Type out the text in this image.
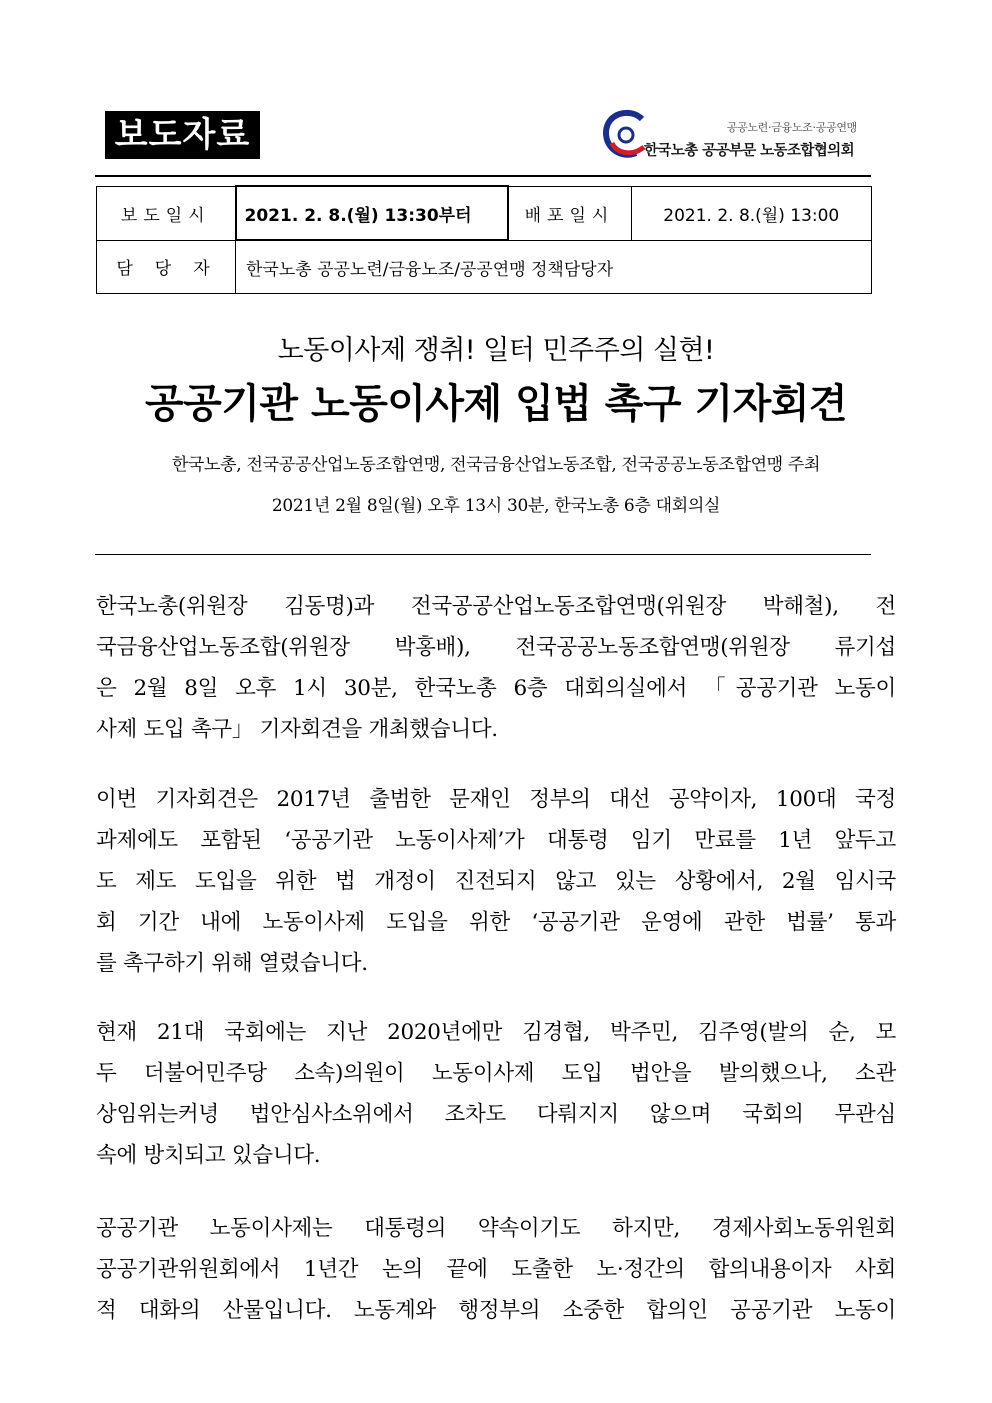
보도자료	공공노련·금융노조·공공연맹
한국노총 공공부문 노동조합협의회
보도일시	2021. 2. 8.(월) 13:30부터	배포일시	2021. 2. 8.(월) 13:00
담당자	한국노총 공공노련/금융노조/공공연맹 정책담당자		
노동이사제 쟁취! 일터 민주주의 실현!
공공기관 노동이사제 입법 촉구 기자회견
한국노총, 전국공공산업노동조합연맹, 전국금융산업노동조합, 전국공공노동조합연맹 주최
2021년 2월 8일(월) 오후 13시 30분, 한국노총 6층 대회의실
한국노총(위원장 김동명)과 전국공공산업노동조합연맹(위원장 박해철), 전
국금융산업노동조합(위원장 박홍배), 전국공공노동조합연맹(위원장 류기섭
은 2월 8일 오후 1시 30분, 한국노총 6층 대회의실에서 「공공기관 노동이
사제 도입 촉구」 기자회견을 개최했습니다.
이번 기자회견은 2017년 출범한 문재인 정부의 대선 공약이자, 100대 국정
과제에도 포함된 ‘공공기관 노동이사제’가 대통령 임기 만료를 1년 앞두고
도 제도 도입을 위한 법 개정이 진전되지 않고 있는 상황에서, 2월 임시국
회 기간 내에 노동이사제 도입을 위한 ‘공공기관 운영에 관한 법률’ 통과
를 촉구하기 위해 열렸습니다.
현재 21대 국회에는 지난 2020년에만 김경협, 박주민, 김주영(발의 순, 모
두 더불어민주당 소속)의원이 노동이사제 도입 법안을 발의했으나, 소관
상임위는커녕 법안심사소위에서 조차도 다뤄지지 않으며 국회의 무관심
속에 방치되고 있습니다.
공공기관 노동이사제는 대통령의 약속이기도 하지만, 경제사회노동위원회
공공기관위원회에서 1년간 논의 끝에 도출한 노·정간의 합의내용이자 사회
적 대화의 산물입니다. 노동계와 행정부의 소중한 합의인 공공기관 노동이
